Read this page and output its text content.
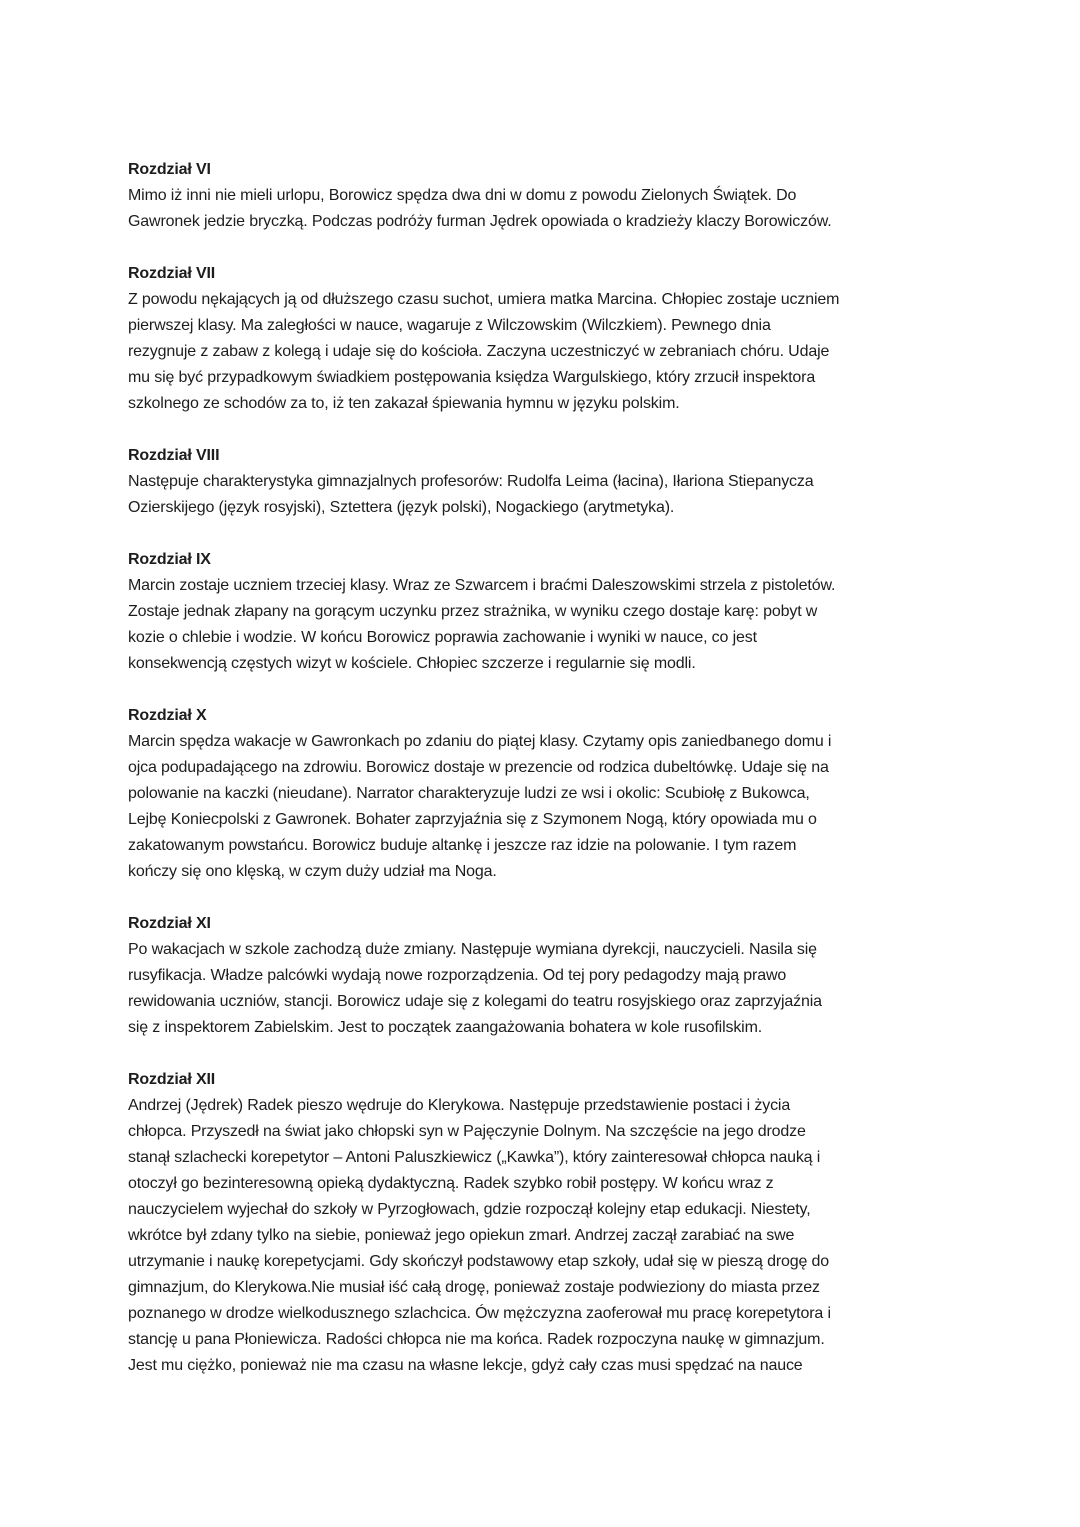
Rozdział VI
Mimo iż inni nie mieli urlopu, Borowicz spędza dwa dni w domu z powodu Zielonych Świątek. Do
Gawronek jedzie bryczką. Podczas podróży furman Jędrek opowiada o kradzieży klaczy Borowiczów.
Rozdział VII
Z powodu nękających ją od dłuższego czasu suchot, umiera matka Marcina. Chłopiec zostaje uczniem
pierwszej klasy. Ma zaległości w nauce, wagaruje z Wilczowskim (Wilczkiem). Pewnego dnia
rezygnuje z zabaw z kolegą i udaje się do kościoła. Zaczyna uczestniczyć w zebraniach chóru. Udaje
mu się być przypadkowym świadkiem postępowania księdza Wargulskiego, który zrzucił inspektora
szkolnego ze schodów za to, iż ten zakazał śpiewania hymnu w języku polskim.
Rozdział VIII
Następuje charakterystyka gimnazjalnych profesorów: Rudolfa Leima (łacina), Iłariona Stiepanycza
Ozierskijego (język rosyjski), Sztettera (język polski), Nogackiego (arytmetyka).
Rozdział IX
Marcin zostaje uczniem trzeciej klasy. Wraz ze Szwarcem i braćmi Daleszowskimi strzela z pistoletów.
Zostaje jednak złapany na gorącym uczynku przez strażnika, w wyniku czego dostaje karę: pobyt w
kozie o chlebie i wodzie. W końcu Borowicz poprawia zachowanie i wyniki w nauce, co jest
konsekwencją częstych wizyt w kościele. Chłopiec szczerze i regularnie się modli.
Rozdział X
Marcin spędza wakacje w Gawronkach po zdaniu do piątej klasy. Czytamy opis zaniedbanego domu i
ojca podupadającego na zdrowiu. Borowicz dostaje w prezencie od rodzica dubeltówkę. Udaje się na
polowanie na kaczki (nieudane). Narrator charakteryzuje ludzi ze wsi i okolic: Scubiołę z Bukowca,
Lejbę Koniecpolski z Gawronek. Bohater zaprzyjaźnia się z Szymonem Nogą, który opowiada mu o
zakatowanym powstańcu. Borowicz buduje altankę i jeszcze raz idzie na polowanie. I tym razem
kończy się ono klęską, w czym duży udział ma Noga.
Rozdział XI
Po wakacjach w szkole zachodzą duże zmiany. Następuje wymiana dyrekcji, nauczycieli. Nasila się
rusyfikacja. Władze palcówki wydają nowe rozporządzenia. Od tej pory pedagodzy mają prawo
rewidowania uczniów, stancji. Borowicz udaje się z kolegami do teatru rosyjskiego oraz zaprzyjaźnia
się z inspektorem Zabielskim. Jest to początek zaangażowania bohatera w kole rusofilskim.
Rozdział XII
Andrzej (Jędrek) Radek pieszo wędruje do Klerykowa. Następuje przedstawienie postaci i życia
chłopca. Przyszedł na świat jako chłopski syn w Pajęczynie Dolnym. Na szczęście na jego drodze
stanął szlachecki korepetytor – Antoni Paluszkiewicz („Kawka”), który zainteresował chłopca nauką i
otoczył go bezinteresowną opieką dydaktyczną. Radek szybko robił postępy. W końcu wraz z
nauczycielem wyjechał do szkoły w Pyrzogłowach, gdzie rozpoczął kolejny etap edukacji. Niestety,
wkrótce był zdany tylko na siebie, ponieważ jego opiekun zmarł. Andrzej zaczął zarabiać na swe
utrzymanie i naukę korepetycjami. Gdy skończył podstawowy etap szkoły, udał się w pieszą drogę do
gimnazjum, do Klerykowa.Nie musiał iść całą drogę, ponieważ zostaje podwieziony do miasta przez
poznanego w drodze wielkodusznego szlachcica. Ów mężczyzna zaoferował mu pracę korepetytora i
stancję u pana Płoniewicza. Radości chłopca nie ma końca. Radek rozpoczyna naukę w gimnazjum.
Jest mu ciężko, ponieważ nie ma czasu na własne lekcje, gdyż cały czas musi spędzać na nauce
